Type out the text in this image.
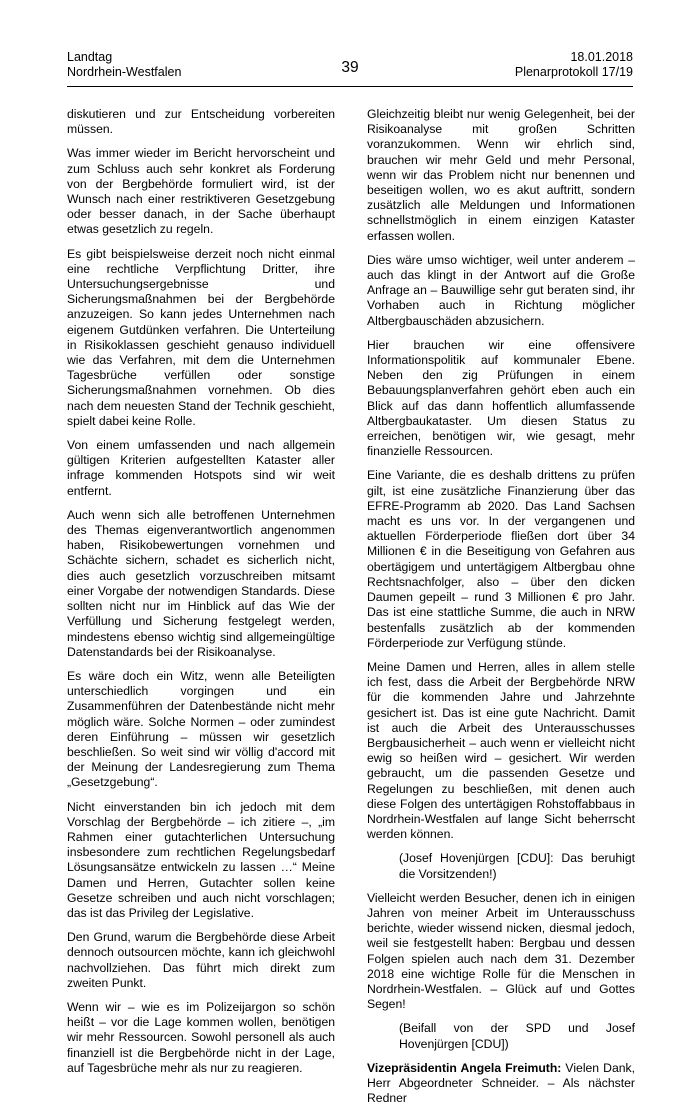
Landtag
Nordrhein-Westfalen	39
18.01.2018
Plenarprotokoll 17/19

diskutieren und zur Entscheidung vorbereiten müssen.

Was immer wieder im Bericht hervorscheint und zum Schluss auch sehr konkret als Forderung von der Bergbehörde formuliert wird, ist der Wunsch nach einer restriktiveren Gesetzgebung oder besser danach, in der Sache überhaupt etwas gesetzlich zu regeln.

Es gibt beispielsweise derzeit noch nicht einmal eine rechtliche Verpflichtung Dritter, ihre Untersuchungsergebnisse und Sicherungsmaßnahmen bei der Bergbehörde anzuzeigen. So kann jedes Unternehmen nach eigenem Gutdünken verfahren. Die Unterteilung in Risikoklassen geschieht genauso individuell wie das Verfahren, mit dem die Unternehmen Tagesbrüche verfüllen oder sonstige Sicherungsmaßnahmen vornehmen. Ob dies nach dem neuesten Stand der Technik geschieht, spielt dabei keine Rolle.

Von einem umfassenden und nach allgemein gültigen Kriterien aufgestellten Kataster aller infrage kommenden Hotspots sind wir weit entfernt.

Auch wenn sich alle betroffenen Unternehmen des Themas eigenverantwortlich angenommen haben, Risikobewertungen vornehmen und Schächte sichern, schadet es sicherlich nicht, dies auch gesetzlich vorzuschreiben mitsamt einer Vorgabe der notwendigen Standards. Diese sollten nicht nur im Hinblick auf das Wie der Verfüllung und Sicherung festgelegt werden, mindestens ebenso wichtig sind allgemeingültige Datenstandards bei der Risikoanalyse.

Es wäre doch ein Witz, wenn alle Beteiligten unterschiedlich vorgingen und ein Zusammenführen der Datenbestände nicht mehr möglich wäre. Solche Normen – oder zumindest deren Einführung – müssen wir gesetzlich beschließen. So weit sind wir völlig d'accord mit der Meinung der Landesregierung zum Thema „Gesetzgebung“.

Nicht einverstanden bin ich jedoch mit dem Vorschlag der Bergbehörde – ich zitiere –, „im Rahmen einer gutachterlichen Untersuchung insbesondere zum rechtlichen Regelungsbedarf Lösungsansätze entwickeln zu lassen …“ Meine Damen und Herren, Gutachter sollen keine Gesetze schreiben und auch nicht vorschlagen; das ist das Privileg der Legislative.

Den Grund, warum die Bergbehörde diese Arbeit dennoch outsourcen möchte, kann ich gleichwohl nachvollziehen. Das führt mich direkt zum zweiten Punkt.

Wenn wir – wie es im Polizeijargon so schön heißt – vor die Lage kommen wollen, benötigen wir mehr Ressourcen. Sowohl personell als auch finanziell ist die Bergbehörde nicht in der Lage, auf Tagesbrüche mehr als nur zu reagieren.

Gleichzeitig bleibt nur wenig Gelegenheit, bei der Risikoanalyse mit großen Schritten voranzukommen. Wenn wir ehrlich sind, brauchen wir mehr Geld und mehr Personal, wenn wir das Problem nicht nur benennen und beseitigen wollen, wo es akut auftritt, sondern zusätzlich alle Meldungen und Informationen schnellstmöglich in einem einzigen Kataster erfassen wollen.

Dies wäre umso wichtiger, weil unter anderem – auch das klingt in der Antwort auf die Große Anfrage an – Bauwillige sehr gut beraten sind, ihr Vorhaben auch in Richtung möglicher Altbergbauschäden abzusichern.

Hier brauchen wir eine offensivere Informationspolitik auf kommunaler Ebene. Neben den zig Prüfungen in einem Bebauungsplanverfahren gehört eben auch ein Blick auf das dann hoffentlich allumfassende Altbergbaukataster. Um diesen Status zu erreichen, benötigen wir, wie gesagt, mehr finanzielle Ressourcen.

Eine Variante, die es deshalb drittens zu prüfen gilt, ist eine zusätzliche Finanzierung über das EFRE-Programm ab 2020. Das Land Sachsen macht es uns vor. In der vergangenen und aktuellen Förderperiode fließen dort über 34 Millionen € in die Beseitigung von Gefahren aus obertägigem und untertägigem Altbergbau ohne Rechtsnachfolger, also – über den dicken Daumen gepeilt – rund 3 Millionen € pro Jahr. Das ist eine stattliche Summe, die auch in NRW bestenfalls zusätzlich ab der kommenden Förderperiode zur Verfügung stünde.

Meine Damen und Herren, alles in allem stelle ich fest, dass die Arbeit der Bergbehörde NRW für die kommenden Jahre und Jahrzehnte gesichert ist. Das ist eine gute Nachricht. Damit ist auch die Arbeit des Unterausschusses Bergbausicherheit – auch wenn er vielleicht nicht ewig so heißen wird – gesichert. Wir werden gebraucht, um die passenden Gesetze und Regelungen zu beschließen, mit denen auch diese Folgen des untertägigen Rohstoffabbaus in Nordrhein-Westfalen auf lange Sicht beherrscht werden können.

(Josef Hovenjürgen [CDU]: Das beruhigt die Vorsitzenden!)

Vielleicht werden Besucher, denen ich in einigen Jahren von meiner Arbeit im Unterausschuss berichte, wieder wissend nicken, diesmal jedoch, weil sie festgestellt haben: Bergbau und dessen Folgen spielen auch nach dem 31. Dezember 2018 eine wichtige Rolle für die Menschen in Nordrhein-Westfalen. – Glück auf und Gottes Segen!

(Beifall von der SPD und Josef Hovenjürgen [CDU])

Vizepräsidentin Angela Freimuth: Vielen Dank, Herr Abgeordneter Schneider. – Als nächster Redner
